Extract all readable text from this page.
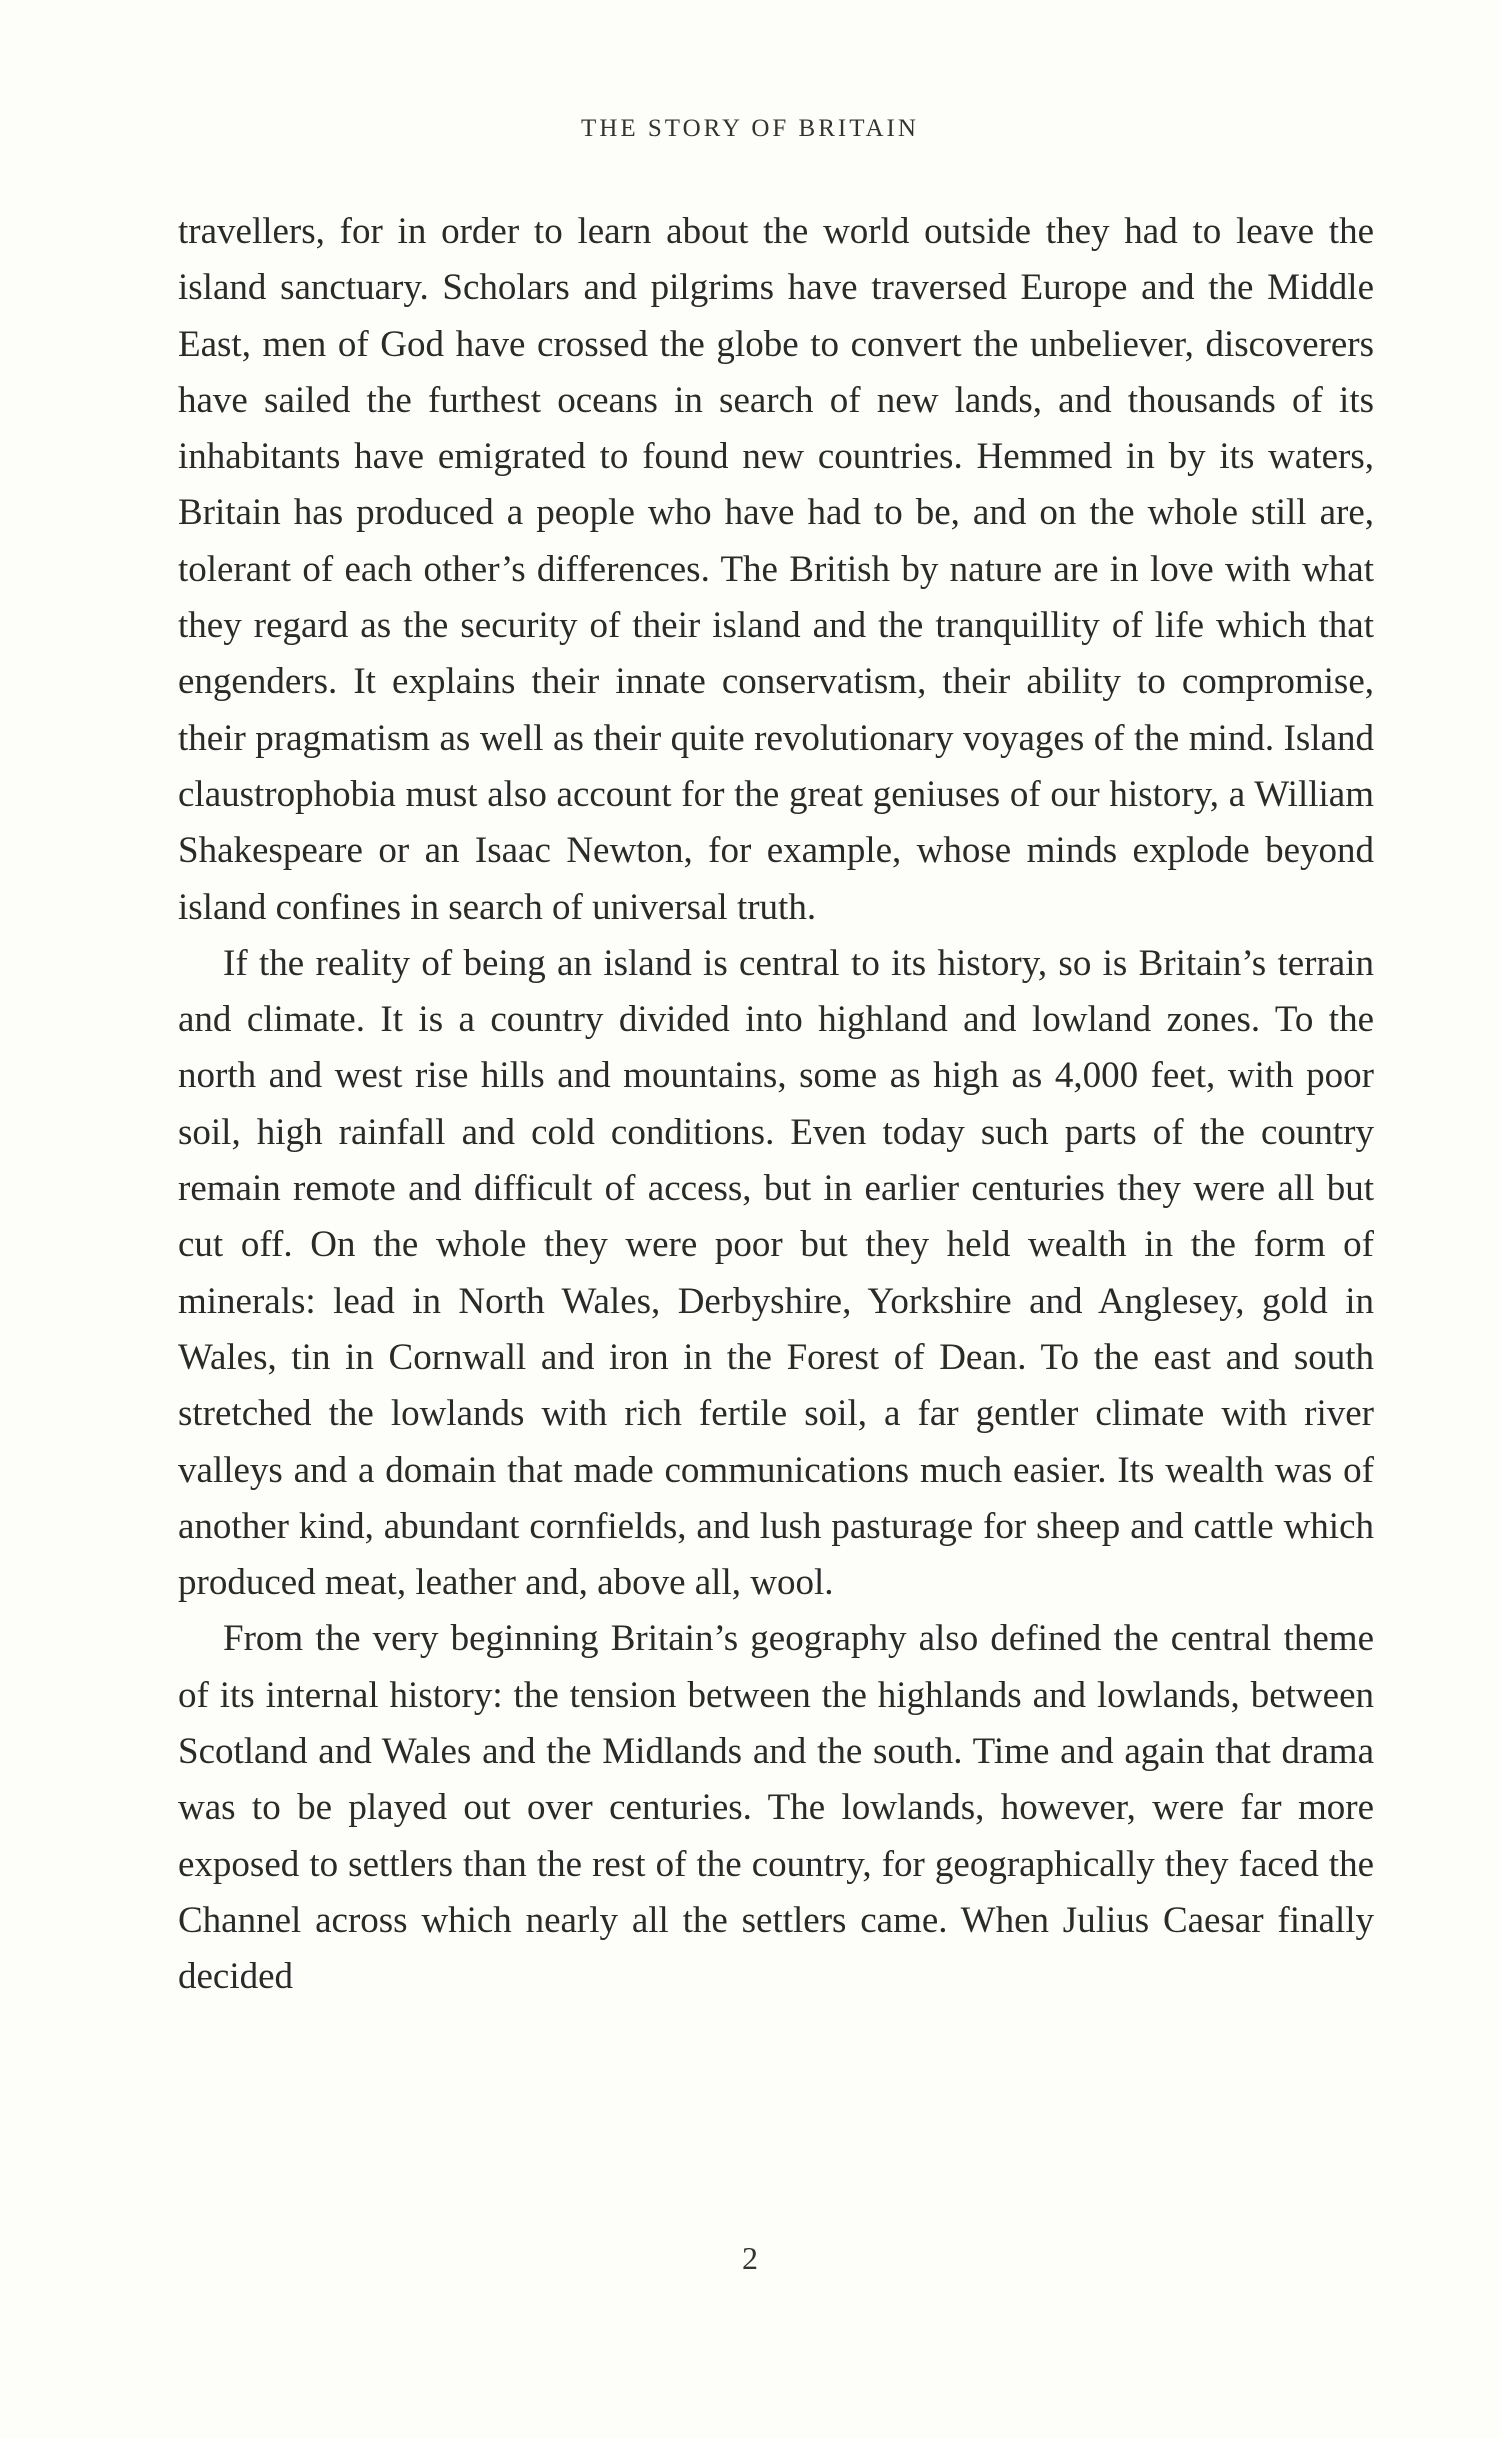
THE STORY OF BRITAIN

travellers, for in order to learn about the world outside they had to leave the island sanctuary. Scholars and pilgrims have traversed Europe and the Middle East, men of God have crossed the globe to convert the unbeliever, discoverers have sailed the furthest oceans in search of new lands, and thousands of its inhabitants have emigrated to found new countries. Hemmed in by its waters, Britain has produced a people who have had to be, and on the whole still are, tolerant of each other’s differences. The British by nature are in love with what they regard as the security of their island and the tranquillity of life which that engenders. It explains their innate conservatism, their ability to compromise, their pragmatism as well as their quite revolutionary voyages of the mind. Island claustrophobia must also account for the great geniuses of our history, a William Shakespeare or an Isaac Newton, for example, whose minds explode beyond island confines in search of universal truth.

If the reality of being an island is central to its history, so is Britain’s terrain and climate. It is a country divided into highland and lowland zones. To the north and west rise hills and mountains, some as high as 4,000 feet, with poor soil, high rainfall and cold conditions. Even today such parts of the country remain remote and difficult of access, but in earlier centuries they were all but cut off. On the whole they were poor but they held wealth in the form of minerals: lead in North Wales, Derbyshire, Yorkshire and Anglesey, gold in Wales, tin in Cornwall and iron in the Forest of Dean. To the east and south stretched the lowlands with rich fertile soil, a far gentler climate with river valleys and a domain that made communications much easier. Its wealth was of another kind, abundant cornfields, and lush pasturage for sheep and cattle which produced meat, leather and, above all, wool.

From the very beginning Britain’s geography also defined the central theme of its internal history: the tension between the highlands and lowlands, between Scotland and Wales and the Midlands and the south. Time and again that drama was to be played out over centuries. The lowlands, however, were far more exposed to settlers than the rest of the country, for geographically they faced the Channel across which nearly all the settlers came. When Julius Caesar finally decided

2
